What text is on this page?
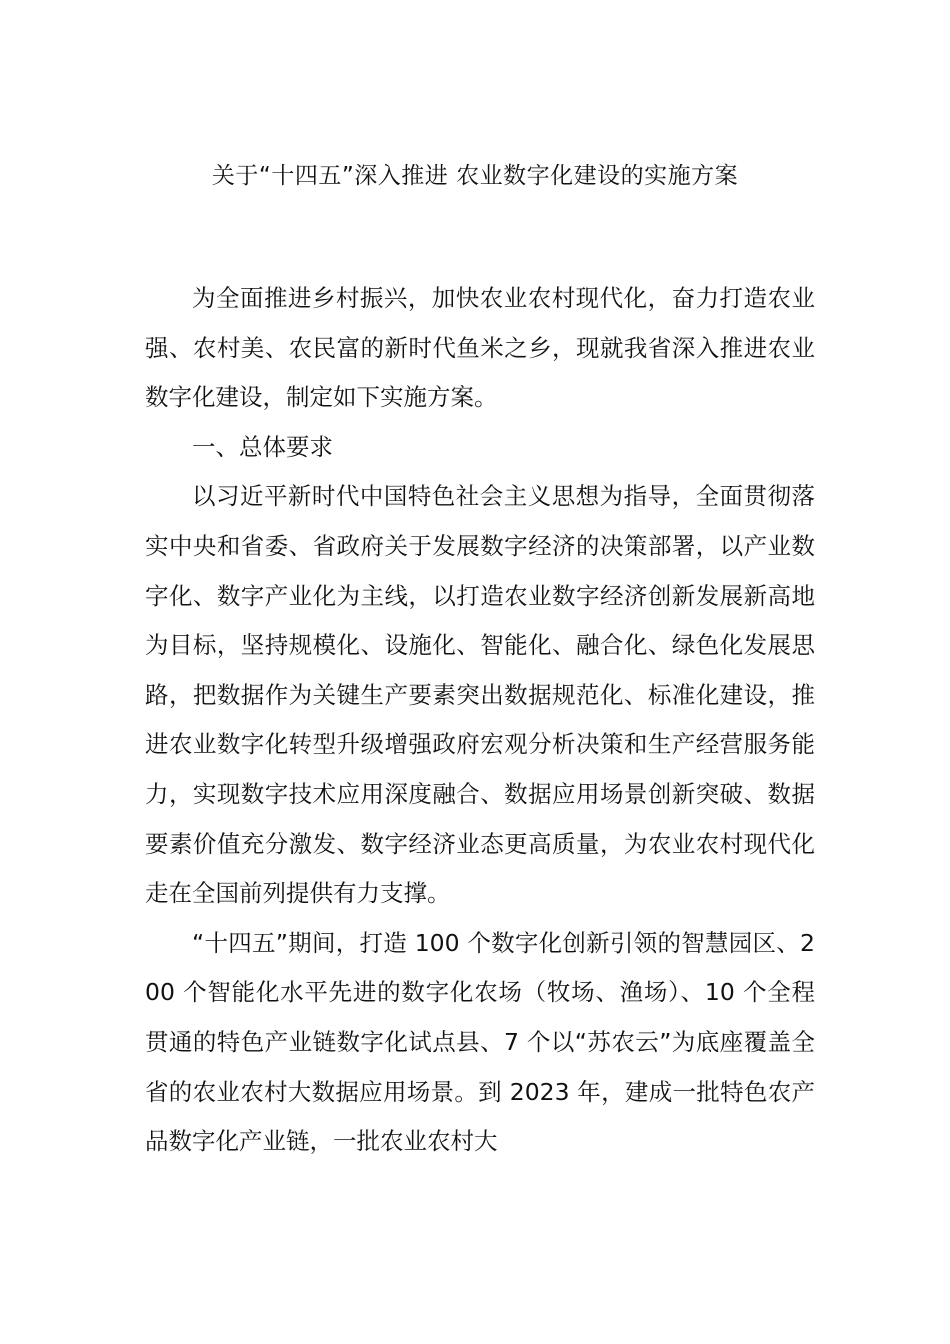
关于“十四五”深入推进 农业数字化建设的实施方案

为全面推进乡村振兴，加快农业农村现代化，奋力打造农业强、农村美、农民富的新时代鱼米之乡，现就我省深入推进农业数字化建设，制定如下实施方案。

一、总体要求

以习近平新时代中国特色社会主义思想为指导，全面贯彻落实中央和省委、省政府关于发展数字经济的决策部署，以产业数字化、数字产业化为主线，以打造农业数字经济创新发展新高地为目标，坚持规模化、设施化、智能化、融合化、绿色化发展思路，把数据作为关键生产要素突出数据规范化、标准化建设，推进农业数字化转型升级增强政府宏观分析决策和生产经营服务能力，实现数字技术应用深度融合、数据应用场景创新突破、数据要素价值充分激发、数字经济业态更高质量，为农业农村现代化走在全国前列提供有力支撑。

“十四五”期间，打造 100 个数字化创新引领的智慧园区、200 个智能化水平先进的数字化农场（牧场、渔场）、10 个全程贯通的特色产业链数字化试点县、7 个以“苏农云”为底座覆盖全省的农业农村大数据应用场景。到 2023 年，建成一批特色农产品数字化产业链，一批农业农村大
